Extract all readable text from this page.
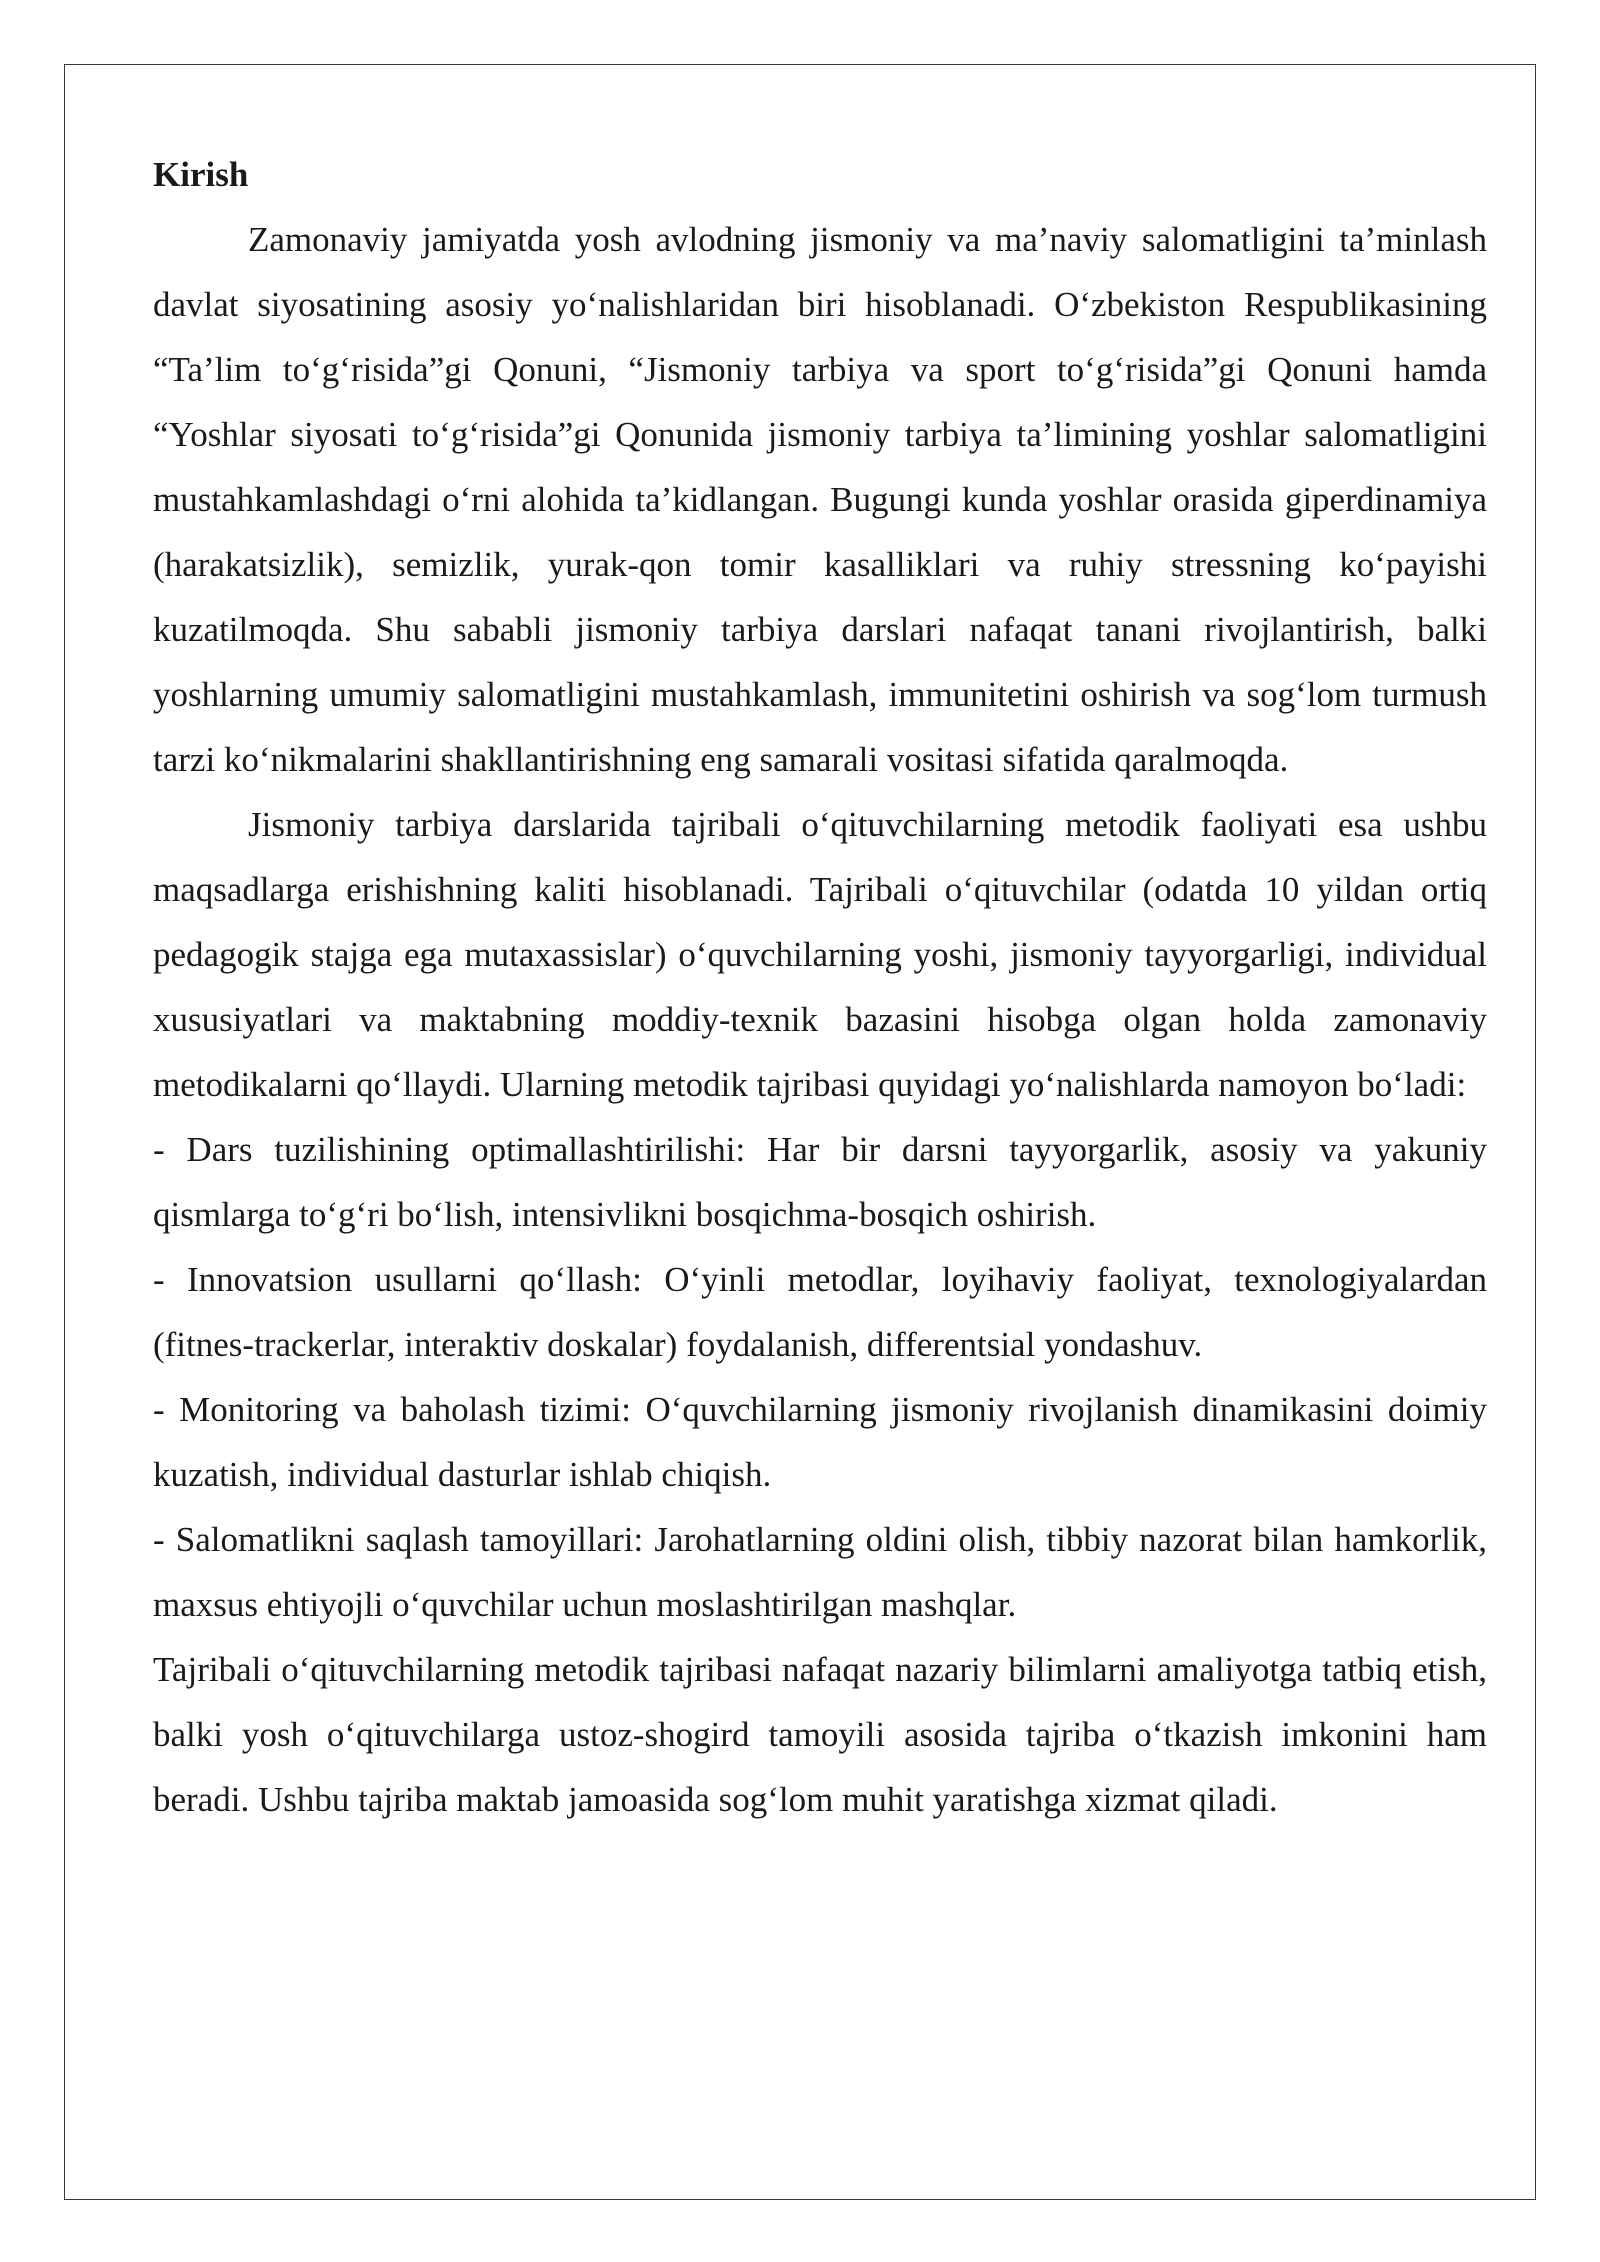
Kirish

Zamonaviy jamiyatda yosh avlodning jismoniy va ma’naviy salomatligini ta’minlash davlat siyosatining asosiy yo‘nalishlaridan biri hisoblanadi. O‘zbekiston Respublikasining “Ta’lim to‘g‘risida”gi Qonuni, “Jismoniy tarbiya va sport to‘g‘risida”gi Qonuni hamda “Yoshlar siyosati to‘g‘risida”gi Qonunida jismoniy tarbiya ta’limining yoshlar salomatligini mustahkamlashdagi o‘rni alohida ta’kidlangan. Bugungi kunda yoshlar orasida giperdinamiya (harakatsizlik), semizlik, yurak-qon tomir kasalliklari va ruhiy stressning ko‘payishi kuzatilmoqda. Shu sababli jismoniy tarbiya darslari nafaqat tanani rivojlantirish, balki yoshlarning umumiy salomatligini mustahkamlash, immunitetini oshirish va sog‘lom turmush tarzi ko‘nikmalarini shakllantirishning eng samarali vositasi sifatida qaralmoqda.

Jismoniy tarbiya darslarida tajribali o‘qituvchilarning metodik faoliyati esa ushbu maqsadlarga erishishning kaliti hisoblanadi. Tajribali o‘qituvchilar (odatda 10 yildan ortiq pedagogik stajga ega mutaxassislar) o‘quvchilarning yoshi, jismoniy tayyorgarligi, individual xususiyatlari va maktabning moddiy-texnik bazasini hisobga olgan holda zamonaviy metodikalarni qo‘llaydi. Ularning metodik tajribasi quyidagi yo‘nalishlarda namoyon bo‘ladi:

- Dars tuzilishining optimallashtirilishi: Har bir darsni tayyorgarlik, asosiy va yakuniy qismlarga to‘g‘ri bo‘lish, intensivlikni bosqichma-bosqich oshirish.

- Innovatsion usullarni qo‘llash: O‘yinli metodlar, loyihaviy faoliyat, texnologiyalardan (fitnes-trackerlar, interaktiv doskalar) foydalanish, differentsial yondashuv.

- Monitoring va baholash tizimi: O‘quvchilarning jismoniy rivojlanish dinamikasini doimiy kuzatish, individual dasturlar ishlab chiqish.

- Salomatlikni saqlash tamoyillari: Jarohatlarning oldini olish, tibbiy nazorat bilan hamkorlik, maxsus ehtiyojli o‘quvchilar uchun moslashtirilgan mashqlar.

Tajribali o‘qituvchilarning metodik tajribasi nafaqat nazariy bilimlarni amaliyotga tatbiq etish, balki yosh o‘qituvchilarga ustoz-shogird tamoyili asosida tajriba o‘tkazish imkonini ham beradi. Ushbu tajriba maktab jamoasida sog‘lom muhit yaratishga xizmat qiladi.
